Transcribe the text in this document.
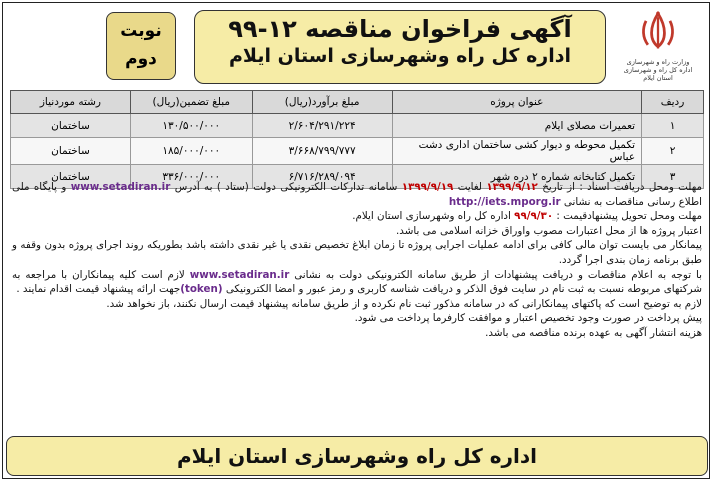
وزارت راه و شهرسازی
اداره کل راه و شهرسازی استان ایلام
آگهی فراخوان مناقصه ۱۲-۹۹
اداره کل راه وشهرسازی استان ایلام
نوبت
دوم
ردیف	عنوان پروژه	مبلغ برآورد(ریال)	مبلغ تضمین(ریال)	رشته موردنیاز
۱	تعمیرات مصلای ایلام	۲/۶۰۴/۲۹۱/۲۲۴	۱۳۰/۵۰۰/۰۰۰	ساختمان
۲	تکمیل محوطه و دیوار کشی ساختمان اداری دشت عباس	۳/۶۶۸/۷۹۹/۷۷۷	۱۸۵/۰۰۰/۰۰۰	ساختمان
۳	تکمیل کتابخانه شماره ۲ دره شهر	۶/۷۱۶/۲۸۹/۰۹۴	۳۳۶/۰۰۰/۰۰۰	ساختمان

مهلت ومحل دریافت اسناد : از تاریخ ۱۳۹۹/۹/۱۲ لغایت ۱۳۹۹/۹/۱۹ سامانه تدارکات الکترونیکی دولت (ستاد ) به آدرس www.setadiran.ir و پایگاه ملی اطلاع رسانی مناقصات به نشانی http://iets.mporg.ir

مهلت ومحل تحویل پیشنهادقیمت : ۹۹/۹/۳۰ اداره کل راه وشهرسازی استان ایلام.

اعتبار پروژه ها از محل اعتبارات مصوب واوراق خزانه اسلامی می باشد.

پیمانکار می بایست توان مالی کافی برای ادامه عملیات اجرایی پروژه تا زمان ابلاغ تخصیص نقدی یا غیر نقدی داشته باشد بطوریکه روند اجرای پروژه بدون وقفه و طبق برنامه زمان بندی اجرا گردد.

با توجه به اعلام مناقصات و دریافت پیشنهادات از طریق سامانه الکترونیکی دولت به نشانی www.setadiran.ir لازم است کلیه پیمانکاران با مراجعه به شرکتهای مربوطه نسبت به ثبت نام در سایت فوق الذکر و دریافت شناسه کاربری و رمز عبور و امضا الکترونیکی (token)جهت ارائه پیشنهاد قیمت اقدام نمایند .

لازم به توضیح است که پاکتهای پیمانکارانی که در سامانه مذکور ثبت نام نکرده و از طریق سامانه پیشنهاد قیمت ارسال نکنند، باز نخواهد شد.

پیش پرداخت در صورت وجود تخصیص اعتبار و موافقت کارفرما پرداخت می شود.

هزینه انتشار آگهی به عهده برنده مناقصه می باشد.

اداره کل راه وشهرسازی استان ایلام
